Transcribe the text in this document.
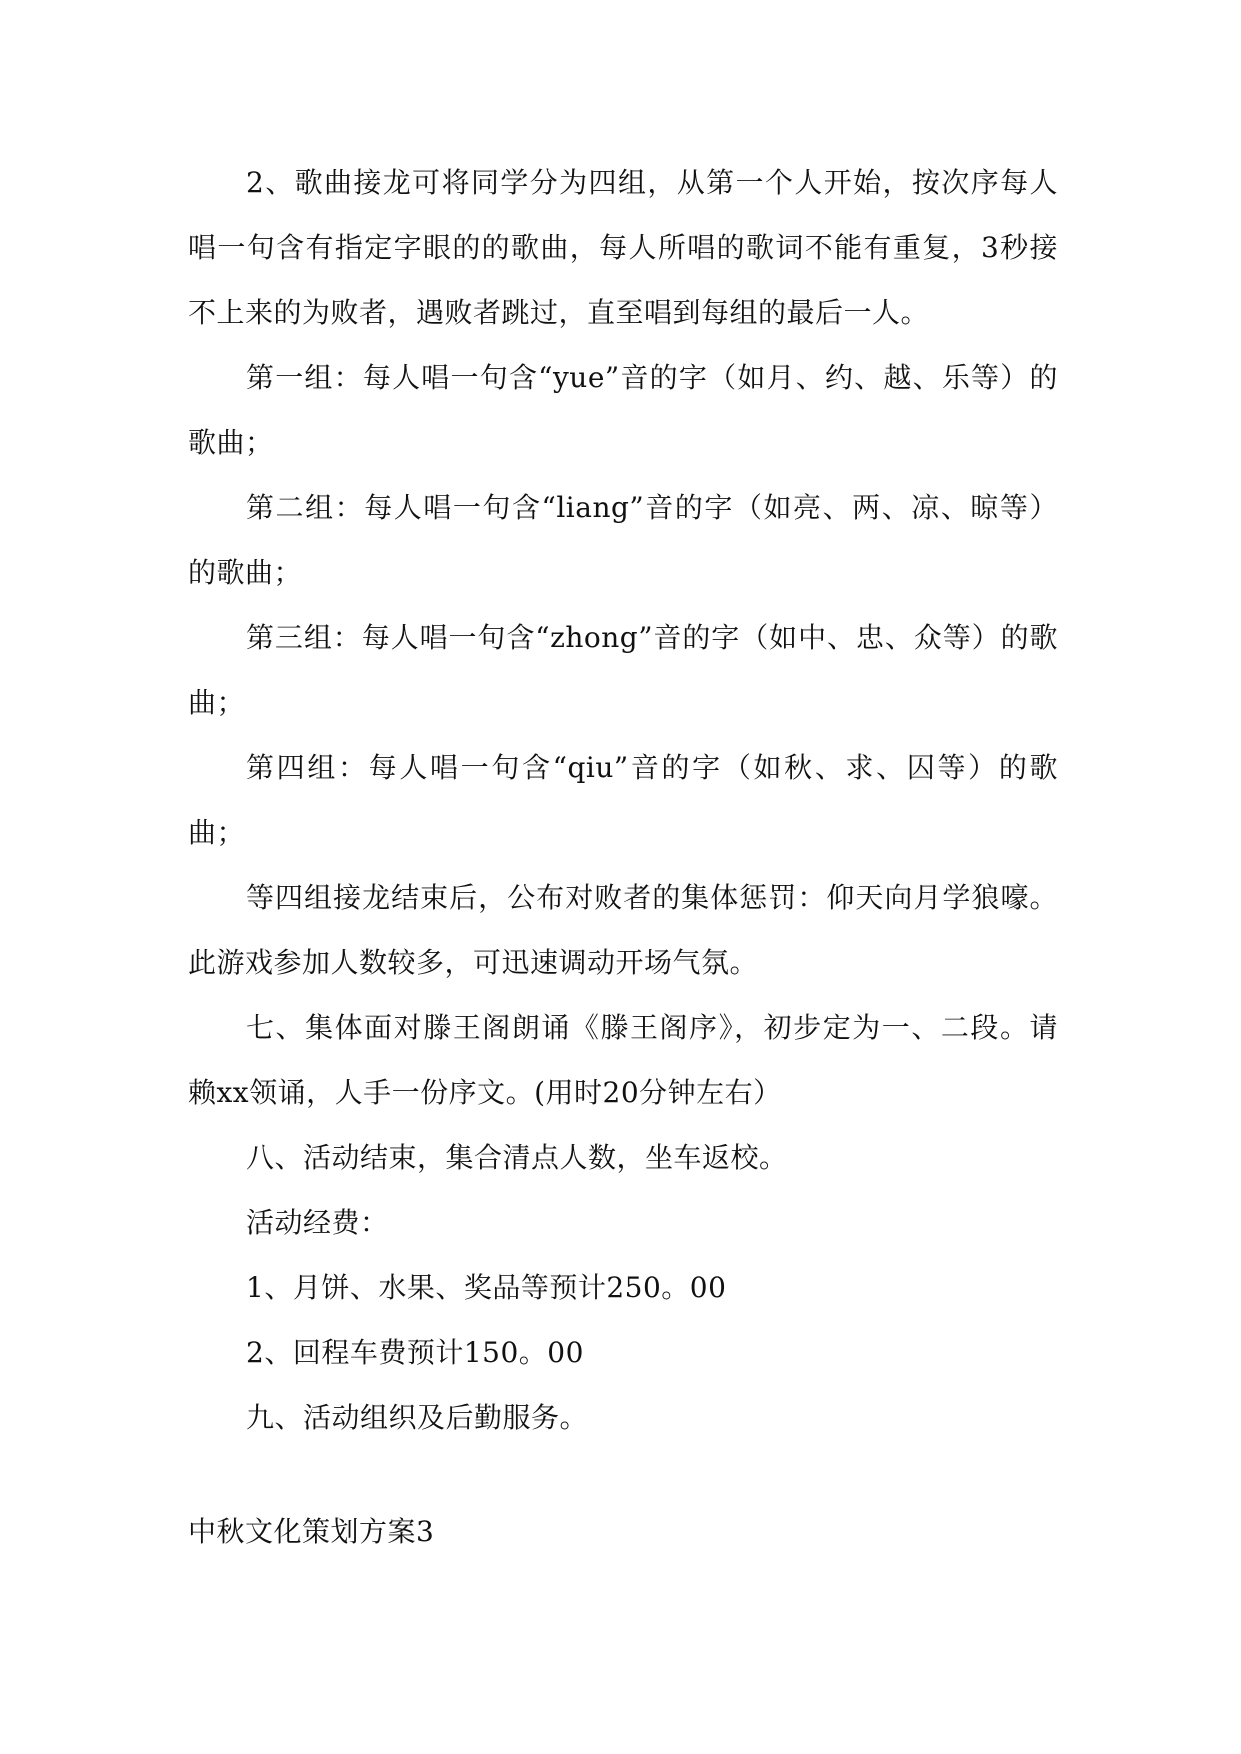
2、歌曲接龙可将同学分为四组，从第一个人开始，按次序每人唱一句含有指定字眼的的歌曲，每人所唱的歌词不能有重复，3秒接不上来的为败者，遇败者跳过，直至唱到每组的最后一人。

第一组：每人唱一句含“yue”音的字（如月、约、越、乐等）的歌曲；

第二组：每人唱一句含“liang”音的字（如亮、两、凉、晾等）的歌曲；

第三组：每人唱一句含“zhong”音的字（如中、忠、众等）的歌曲；

第四组：每人唱一句含“qiu”音的字（如秋、求、囚等）的歌曲；

等四组接龙结束后，公布对败者的集体惩罚：仰天向月学狼嚎。此游戏参加人数较多，可迅速调动开场气氛。

七、集体面对滕王阁朗诵《滕王阁序》，初步定为一、二段。请赖xx领诵，人手一份序文。(用时20分钟左右）

八、活动结束，集合清点人数，坐车返校。

活动经费：

1、月饼、水果、奖品等预计250。00

2、回程车费预计150。00

九、活动组织及后勤服务。

中秋文化策划方案3
